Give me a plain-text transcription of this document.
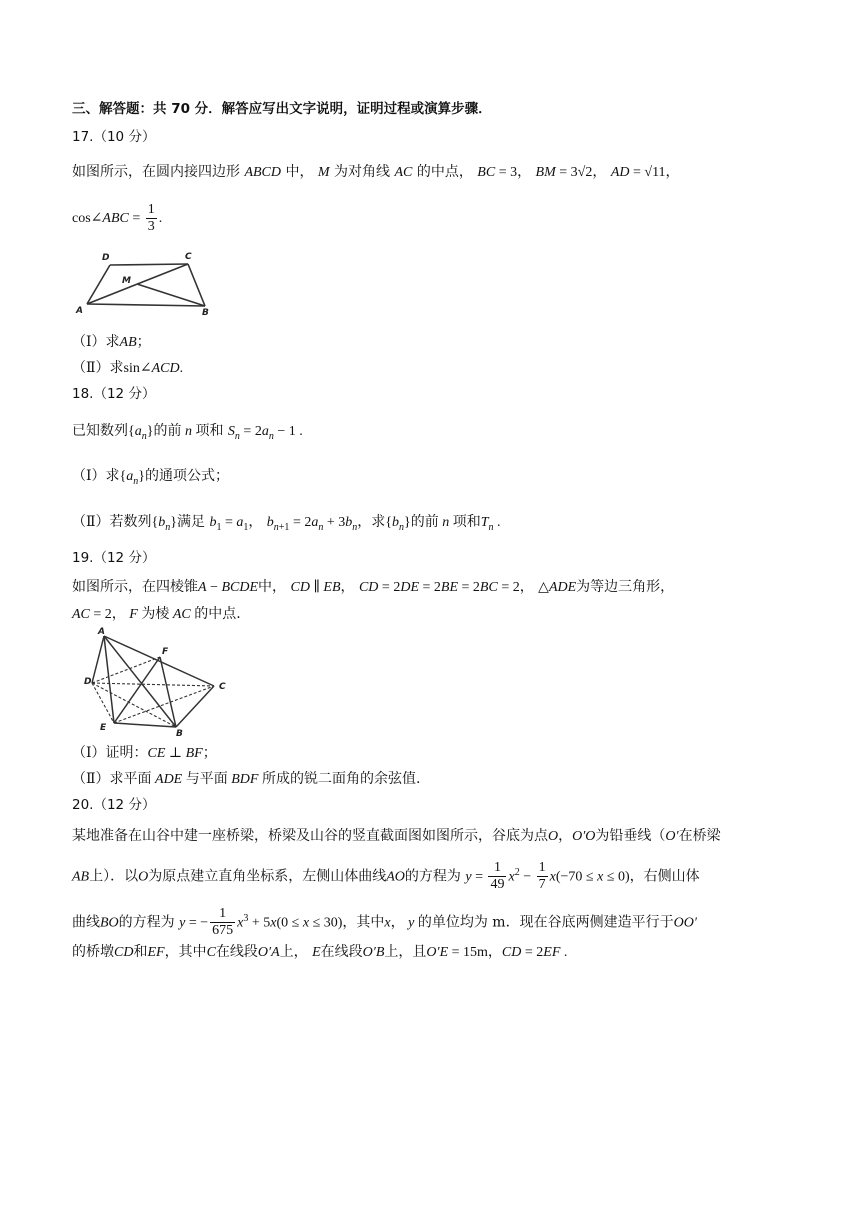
三、解答题：共 70 分．解答应写出文字说明，证明过程或演算步骤．
17.（10 分）
如图所示，在圆内接四边形 ABCD 中， M 为对角线 AC 的中点， BC = 3， BM = 3√2， AD = √11，
cos∠ABC = $\frac{1}{3}$ .
D	C
M
A	B
（Ⅰ）求AB；
（Ⅱ）求sin∠ACD.
18.（12 分）
已知数列$\{a_n\}$的前 n 项和 $S_n = 2a_n - 1$ .
（Ⅰ）求$\{a_n\}$的通项公式；
（Ⅱ）若数列$\{b_n\}$满足 $b_1 = a_1$， $b_{n+1} = 2a_n + 3b_n$，求$\{b_n\}$的前 n 项和$T_n$ .
19.（12 分）
如图所示，在四棱锥A − BCDE中， CD ∥ EB， CD = 2DE = 2BE = 2BC = 2， △ADE为等边三角形，
AC = 2， F 为棱 AC 的中点.
A
F
D	C
E
B
（Ⅰ）证明：CE ⊥ BF；
（Ⅱ）求平面 ADE 与平面 BDF 所成的锐二面角的余弦值.
20.（12 分）
某地准备在山谷中建一座桥梁，桥梁及山谷的竖直截面图如图所示，谷底为点O，O′O为铅垂线（O′在桥梁
AB上）．以O为原点建立直角坐标系，左侧山体曲线AO的方程为 $y = \frac{1}{49} x^2 - \frac{1}{7} x(-70 \le x \le 0)$，右侧山体
曲线BO的方程为 y = − $\frac{1}{675} x^3 + 5x(0 \le x \le 30)$，其中x， y 的单位均为 m．现在谷底两侧建造平行于OO′
的桥墩CD和EF，其中C在线段O′A上， E在线段O′B上，且O′E = 15m，CD = 2EF .
